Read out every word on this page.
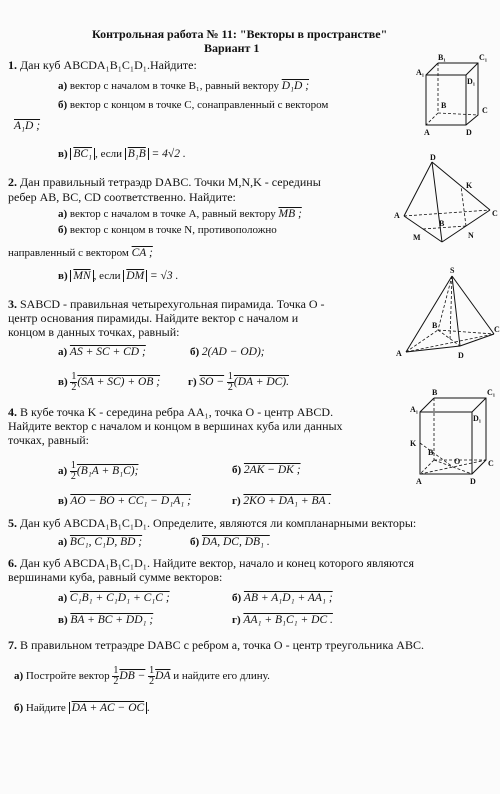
Контрольная работа № 11: "Векторы в пространстве"
Вариант 1
1. Дан куб ABCDA₁B₁C₁D₁.Найдите:
а) вектор с началом в точке B₁, равный вектору D₁D ;
б) вектор с концом в точке C, сонаправленный с вектором
A₁D ;
в) BC₁ , если B₁B = 4√2 .
B₁	C₁
A₁
D₁
B
C
A	D
2. Дан правильный тетраэдр DABC. Точки M,N,K - середины
ребер AB, BC, CD соответственно. Найдите:
а) вектор с началом в точке A, равный вектору MB ;
б) вектор с концом в точке N, противоположно
направленный с вектором CA ;
в) $\overline{MN}$ , если $\overline{DM} = √3$ .
D
K
A
B
M	N
C
3. SABCD - правильная четырехугольная пирамида. Точка O -
центр основания пирамиды. Найдите вектор с началом и
концом в данных точках, равный:
а) AS + SC + CD ;	б) 2(AD − OD);
$в) \frac{1}{2} (SA + SC)$ + OB ;	г) SO − $\frac{1}{2} (DA + DC)$.
S
A
B	C
D
4. В кубе точка K - середина ребра AA₁, точка O - центр ABCD.
Найдите вектор с началом и концом в вершинах куба или данных
точках, равный:
$а) \frac{1}{2} (B_1A + B_1C)$;	б) 2AK − DK ;
в) AO − BO + CC₁ − D₁A₁ ;	г) 2KO + DA₁ + BA .
B	C₁
A₁
D₁
K
B
O	C
A	D
5. Дан куб ABCDA₁B₁C₁D₁. Определите, являются ли компланарными векторы:
а) BC₁, C₁D, BD ;	б) DA, DC, DB₁ .
6. Дан куб ABCDA₁B₁C₁D₁. Найдите вектор, начало и конец которого являются
вершинами куба, равный сумме векторов:
а) C₁B₁ + C₁D₁ + C₁C ;	б) AB + A₁D₁ + AA₁ ;
в) BA + BC + DD₁ ;	г) AA₁ + B₁C₁ + DC .
7. В правильном тетраэдре DABC с ребром a, точка O - центр треугольника ABC.
а) Постройте вектор $\frac{1}{2}$ DB − $\frac{1}{2} \overline{DA}$ и найдите его длину.
б) Найдите DA + AC − OC .
